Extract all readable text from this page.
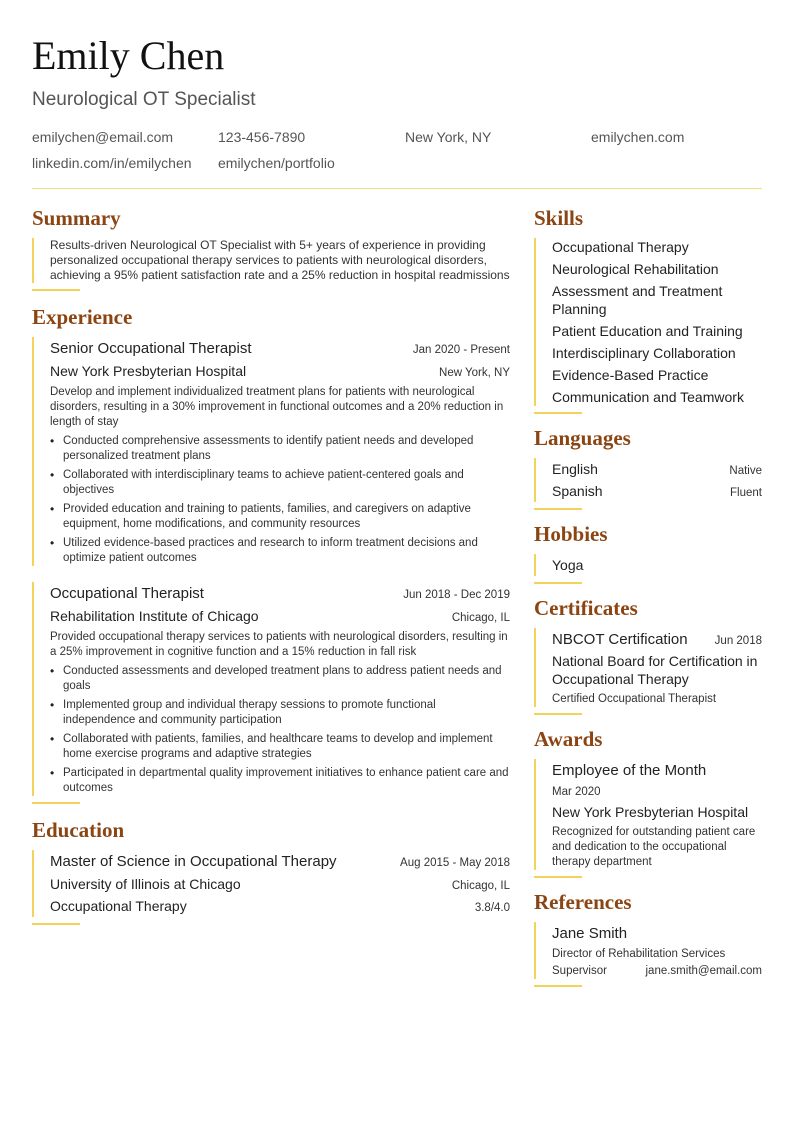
Emily Chen
Neurological OT Specialist
emilychen@email.com	123-456-7890	New York, NY	emilychen.com
linkedin.com/in/emilychen emilychen/portfolio
Summary

Results-driven Neurological OT Specialist with 5+ years of experience in providing personalized occupational therapy services to patients with neurological disorders, achieving a 95% patient satisfaction rate and a 25% reduction in hospital readmissions

Experience
Senior Occupational Therapist	Jan 2020 - Present
New York Presbyterian Hospital	New York, NY
Develop and implement individualized treatment plans for patients with neurological disorders, resulting in a 30% improvement in functional outcomes and a 20% reduction in length of stay
• Conducted comprehensive assessments to identify patient needs and developed personalized treatment plans
• Collaborated with interdisciplinary teams to achieve patient-centered goals and objectives
• Provided education and training to patients, families, and caregivers on adaptive equipment, home modifications, and community resources
• Utilized evidence-based practices and research to inform treatment decisions and optimize patient outcomes
Occupational Therapist	Jun 2018 - Dec 2019
Rehabilitation Institute of Chicago	Chicago, IL
Provided occupational therapy services to patients with neurological disorders, resulting in a 25% improvement in cognitive function and a 15% reduction in fall risk
• Conducted assessments and developed treatment plans to address patient needs and goals
• Implemented group and individual therapy sessions to promote functional independence and community participation
• Collaborated with patients, families, and healthcare teams to develop and implement home exercise programs and adaptive strategies
• Participated in departmental quality improvement initiatives to enhance patient care and outcomes
Education
Master of Science in Occupational Therapy	Aug 2015 - May 2018
University of Illinois at Chicago	Chicago, IL
Occupational Therapy	3.8/4.0
Skills
Occupational Therapy
Neurological Rehabilitation
Assessment and Treatment Planning
Patient Education and Training
Interdisciplinary Collaboration
Evidence-Based Practice
Communication and Teamwork
Languages
English	Native
Spanish	Fluent
Hobbies
Yoga
Certificates
NBCOT Certification Jun 2018
National Board for Certification in Occupational Therapy
Certified Occupational Therapist
Awards
Employee of the Month
Mar 2020
New York Presbyterian Hospital
Recognized for outstanding patient care and dedication to the occupational therapy department
References
Jane Smith
Director of Rehabilitation Services
Supervisor	jane.smith@email.com
